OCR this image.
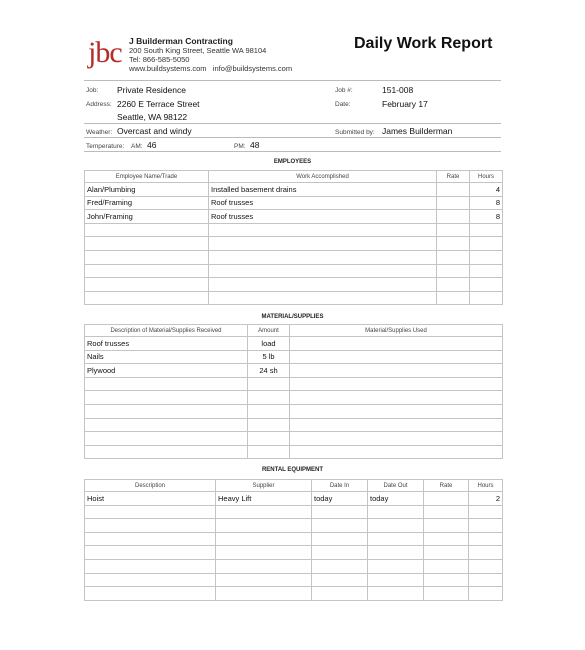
jbc J Builderman Contracting
200 South King Street, Seattle WA 98104
Tel: 866-585-5050
www.buildsystems.com info@buildsystems.com
Daily Work Report
Job: Private Residence
Address: 2260 E Terrace Street
Seattle, WA 98122
Job #:	151-008
Date:	February 17
Weather: Overcast and windy	Submitted by: James Builderman
Temperature: AM: 46	PM: 48
EMPLOYEES
Employee Name/Trade	Work Accomplished	Rate	Hours
Alan/Plumbing	Installed basement drains		4
Fred/Framing	Roof trusses		8
John/Framing	Roof trusses		8

MATERIAL/SUPPLIES
Description of Material/Supplies Received	Amount	Material/Supplies Used
Roof trusses	load	
Nails	5 lb	
Plywood	24 sh	

RENTAL EQUIPMENT
Description	Supplier	Date In	Date Out	Rate	Hours
Hoist	Heavy Lift	today	today		2
